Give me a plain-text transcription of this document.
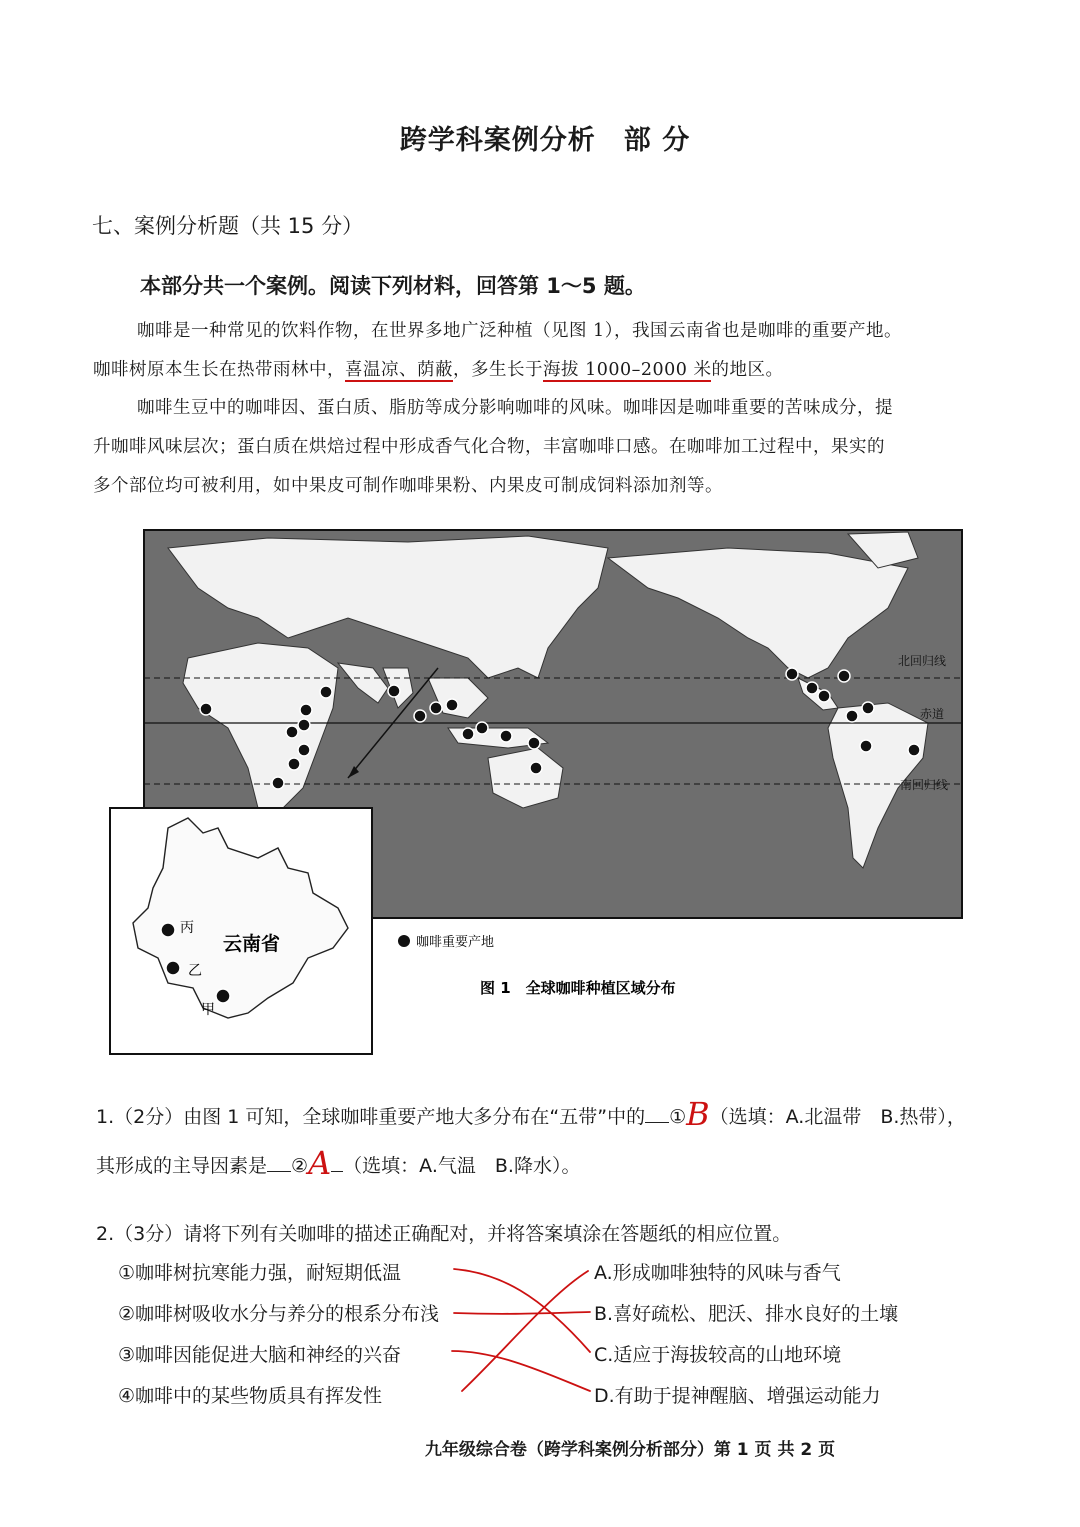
跨学科案例分析　部 分
七、案例分析题（共 15 分）
本部分共一个案例。阅读下列材料，回答第 1～5 题。
咖啡是一种常见的饮料作物，在世界多地广泛种植（见图 1），我国云南省也是咖啡的重要产地。
咖啡树原本生长在热带雨林中，喜温凉、荫蔽，多生长于海拔 1000–2000 米的地区。
咖啡生豆中的咖啡因、蛋白质、脂肪等成分影响咖啡的风味。咖啡因是咖啡重要的苦味成分，提
升咖啡风味层次；蛋白质在烘焙过程中形成香气化合物，丰富咖啡口感。在咖啡加工过程中，果实的
多个部位均可被利用，如中果皮可制作咖啡果粉、内果皮可制成饲料添加剂等。
北回归线
赤道
南回归线
丙
乙
甲
云南省	咖啡重要产地
图 1　全球咖啡种植区域分布
1.（2分）由图 1 可知，全球咖啡重要产地大多分布在“五带”中的 ①B（选填：A.北温带　B.热带），
其形成的主导因素是 ②A （选填：A.气温　B.降水）。
2.（3分）请将下列有关咖啡的描述正确配对，并将答案填涂在答题纸的相应位置。
①咖啡树抗寒能力强，耐短期低温
②咖啡树吸收水分与养分的根系分布浅
③咖啡因能促进大脑和神经的兴奋
④咖啡中的某些物质具有挥发性
A.形成咖啡独特的风味与香气
B.喜好疏松、肥沃、排水良好的土壤
C.适应于海拔较高的山地环境
D.有助于提神醒脑、增强运动能力
九年级综合卷（跨学科案例分析部分）第 1 页 共 2 页
